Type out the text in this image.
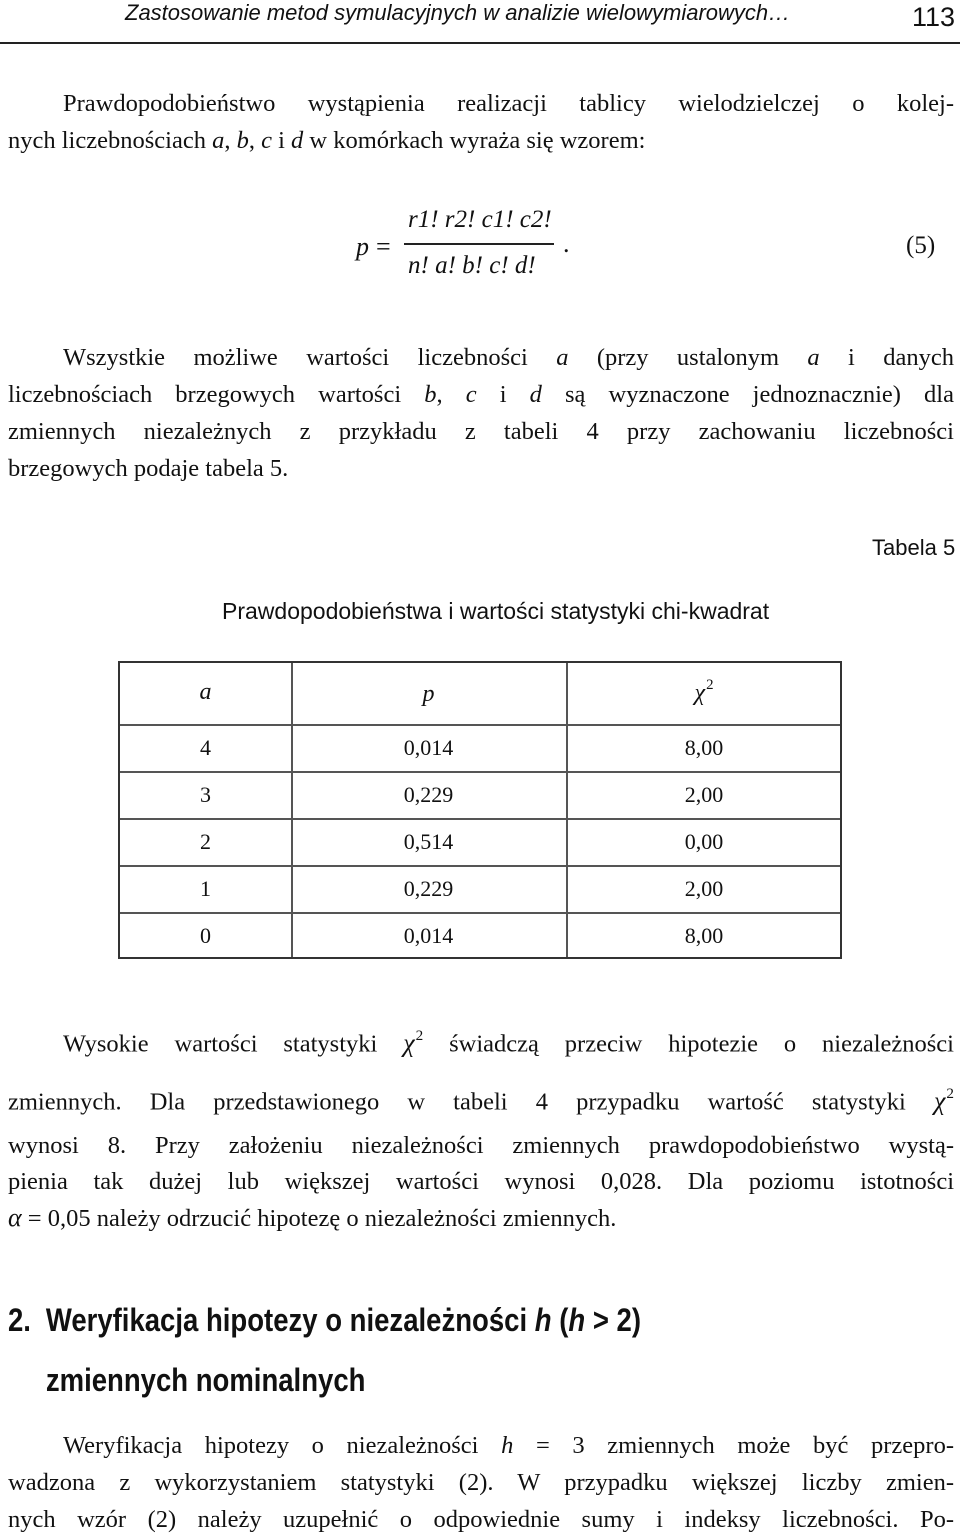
Zastosowanie metod symulacyjnych w analizie wielowymiarowych…	113
Prawdopodobieństwo wystąpienia realizacji tablicy wielodzielczej o kolej-
nych liczebnościach a, b, c i d w komórkach wyraża się wzorem:
p =
r1! r2! c1! c2!
n! a! b! c! d!
.	(5)
Wszystkie możliwe wartości liczebności a (przy ustalonym a i danych
liczebnościach brzegowych wartości b, c i d są wyznaczone jednoznacznie) dla
zmiennych niezależnych z przykładu z tabeli 4 przy zachowaniu liczebności
brzegowych podaje tabela 5.
Tabela 5
Prawdopodobieństwa i wartości statystyki chi-kwadrat
a	p	$\chi^2$
4	0,014	8,00
3	0,229	2,00
2	0,514	0,00
1	0,229	2,00
0	0,014	8,00
Wysokie wartości statystyki $\chi^2$ świadczą przeciw hipotezie o niezależności
zmiennych. Dla przedstawionego w tabeli 4 przypadku wartość statystyki $\chi^2$
wynosi 8. Przy założeniu niezależności zmiennych prawdopodobieństwo wystą-
pienia tak dużej lub większej wartości wynosi 0,028. Dla poziomu istotności
α = 0,05 należy odrzucić hipotezę o niezależności zmiennych.
2. Weryfikacja hipotezy o niezależności h (h > 2)
zmiennych nominalnych
Weryfikacja hipotezy o niezależności h = 3 zmiennych może być przepro-
wadzona z wykorzystaniem statystyki (2). W przypadku większej liczby zmien-
nych wzór (2) należy uzupełnić o odpowiednie sumy i indeksy liczebności. Po-
